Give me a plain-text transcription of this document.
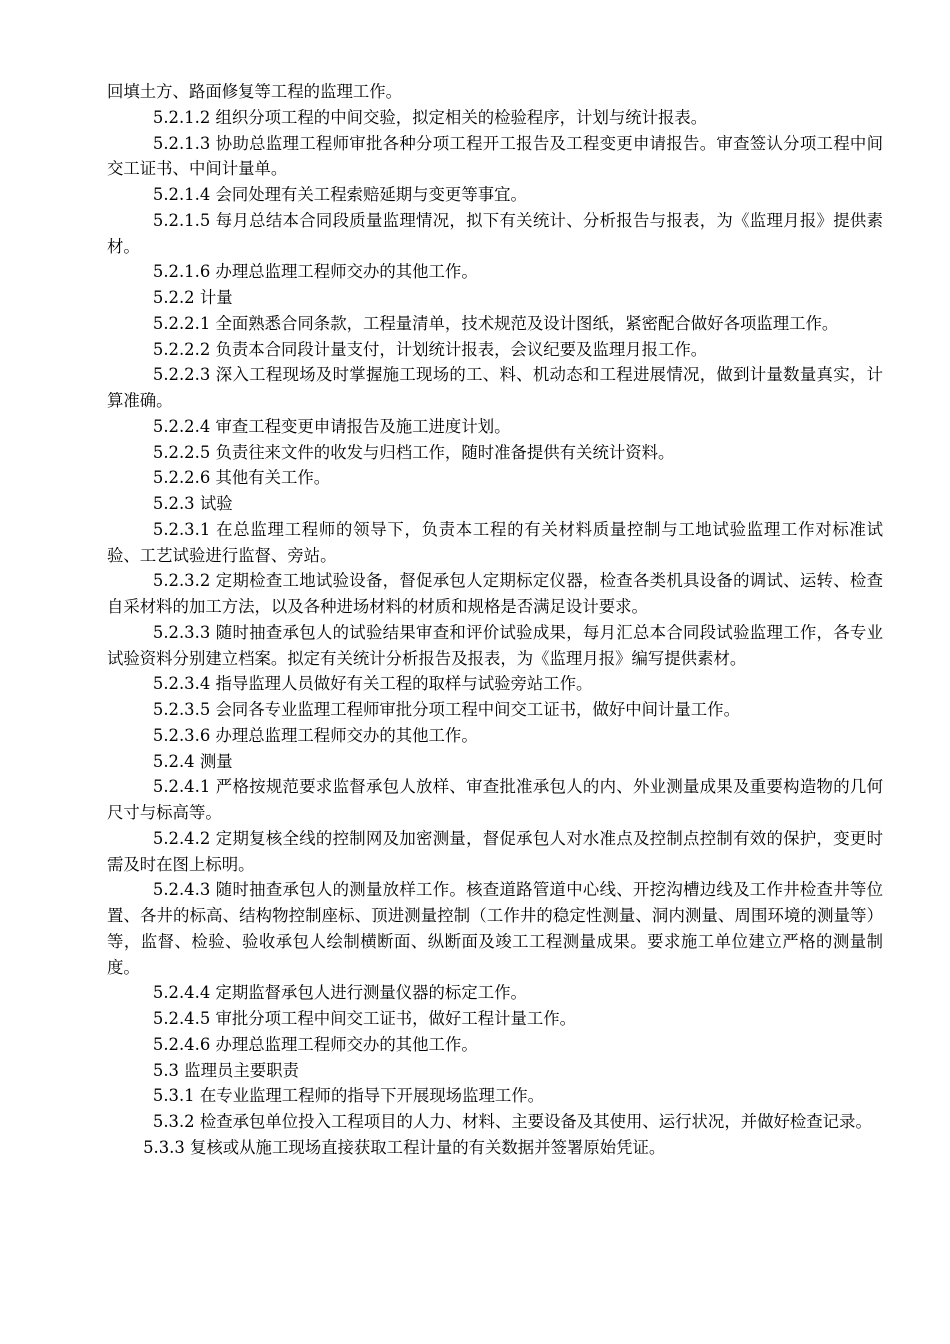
回填土方、路面修复等工程的监理工作。

5.2.1.2 组织分项工程的中间交验，拟定相关的检验程序，计划与统计报表。

5.2.1.3 协助总监理工程师审批各种分项工程开工报告及工程变更申请报告。审查签认分项工程中间交工证书、中间计量单。

5.2.1.4 会同处理有关工程索赔延期与变更等事宜。

5.2.1.5 每月总结本合同段质量监理情况，拟下有关统计、分析报告与报表，为《监理月报》提供素材。

5.2.1.6 办理总监理工程师交办的其他工作。

5.2.2 计量

5.2.2.1 全面熟悉合同条款，工程量清单，技术规范及设计图纸，紧密配合做好各项监理工作。

5.2.2.2 负责本合同段计量支付，计划统计报表，会议纪要及监理月报工作。

5.2.2.3 深入工程现场及时掌握施工现场的工、料、机动态和工程进展情况，做到计量数量真实，计算准确。

5.2.2.4 审查工程变更申请报告及施工进度计划。

5.2.2.5 负责往来文件的收发与归档工作，随时准备提供有关统计资料。

5.2.2.6 其他有关工作。

5.2.3 试验

5.2.3.1 在总监理工程师的领导下，负责本工程的有关材料质量控制与工地试验监理工作对标准试验、工艺试验进行监督、旁站。

5.2.3.2 定期检查工地试验设备，督促承包人定期标定仪器，检查各类机具设备的调试、运转、检查自采材料的加工方法，以及各种进场材料的材质和规格是否满足设计要求。

5.2.3.3 随时抽查承包人的试验结果审查和评价试验成果，每月汇总本合同段试验监理工作，各专业试验资料分别建立档案。拟定有关统计分析报告及报表，为《监理月报》编写提供素材。

5.2.3.4 指导监理人员做好有关工程的取样与试验旁站工作。

5.2.3.5 会同各专业监理工程师审批分项工程中间交工证书，做好中间计量工作。

5.2.3.6 办理总监理工程师交办的其他工作。

5.2.4 测量

5.2.4.1 严格按规范要求监督承包人放样、审查批准承包人的内、外业测量成果及重要构造物的几何尺寸与标高等。

5.2.4.2 定期复核全线的控制网及加密测量，督促承包人对水准点及控制点控制有效的保护，变更时需及时在图上标明。

5.2.4.3 随时抽查承包人的测量放样工作。核查道路管道中心线、开挖沟槽边线及工作井检查井等位置、各井的标高、结构物控制座标、顶进测量控制（工作井的稳定性测量、洞内测量、周围环境的测量等）等，监督、检验、验收承包人绘制横断面、纵断面及竣工工程测量成果。要求施工单位建立严格的测量制度。

5.2.4.4 定期监督承包人进行测量仪器的标定工作。

5.2.4.5 审批分项工程中间交工证书，做好工程计量工作。

5.2.4.6 办理总监理工程师交办的其他工作。

5.3 监理员主要职责

5.3.1 在专业监理工程师的指导下开展现场监理工作。

5.3.2 检查承包单位投入工程项目的人力、材料、主要设备及其使用、运行状况，并做好检查记录。

5.3.3 复核或从施工现场直接获取工程计量的有关数据并签署原始凭证。
